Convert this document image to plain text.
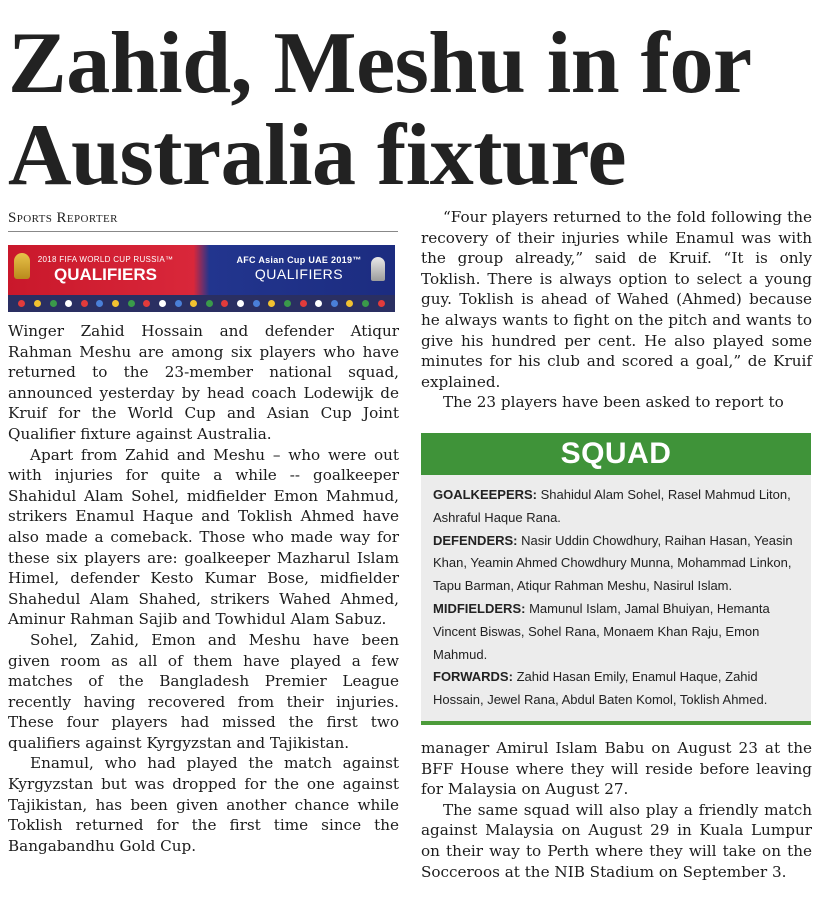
Zahid, Meshu in for
Australia fixture
Sports Reporter
2018 FIFA WORLD CUP RUSSIA™
QUALIFIERS
AFC Asian Cup UAE 2019™
QUALIFIERS

Winger Zahid Hossain and defender Atiqur Rahman Meshu are among six players who have returned to the 23-member national squad, announced yesterday by head coach Lodewijk de Kruif for the World Cup and Asian Cup Joint Qualifier fixture against Australia.

Apart from Zahid and Meshu – who were out with injuries for quite a while -- goalkeeper Shahidul Alam Sohel, midfielder Emon Mahmud, strikers Enamul Haque and Toklish Ahmed have also made a comeback. Those who made way for these six players are: goalkeeper Mazharul Islam Himel, defender Kesto Kumar Bose, midfielder Shahedul Alam Shahed, strikers Wahed Ahmed, Aminur Rahman Sajib and Towhidul Alam Sabuz.

Sohel, Zahid, Emon and Meshu have been given room as all of them have played a few matches of the Bangladesh Premier League recently having recovered from their injuries. These four players had missed the first two qualifiers against Kyrgyzstan and Tajikistan.

Enamul, who had played the match against Kyrgyzstan but was dropped for the one against Tajikistan, has been given another chance while Toklish returned for the first time since the Bangabandhu Gold Cup.

“Four players returned to the fold following the recovery of their injuries while Enamul was with the group already,” said de Kruif. “It is only Toklish. There is always option to select a young guy. Toklish is ahead of Wahed (Ahmed) because he always wants to fight on the pitch and wants to give his hundred per cent. He also played some minutes for his club and scored a goal,” de Kruif explained.

The 23 players have been asked to report to

SQUAD
GOALKEEPERS: Shahidul Alam Sohel, Rasel Mahmud Liton, Ashraful Haque Rana.
DEFENDERS: Nasir Uddin Chowdhury, Raihan Hasan, Yeasin Khan, Yeamin Ahmed Chowdhury Munna, Mohammad Linkon, Tapu Barman, Atiqur Rahman Meshu, Nasirul Islam.
MIDFIELDERS: Mamunul Islam, Jamal Bhuiyan, Hemanta Vincent Biswas, Sohel Rana, Monaem Khan Raju, Emon Mahmud.
FORWARDS: Zahid Hasan Emily, Enamul Haque, Zahid Hossain, Jewel Rana, Abdul Baten Komol, Toklish Ahmed.

manager Amirul Islam Babu on August 23 at the BFF House where they will reside before leaving for Malaysia on August 27.

The same squad will also play a friendly match against Malaysia on August 29 in Kuala Lumpur on their way to Perth where they will take on the Socceroos at the NIB Stadium on September 3.
